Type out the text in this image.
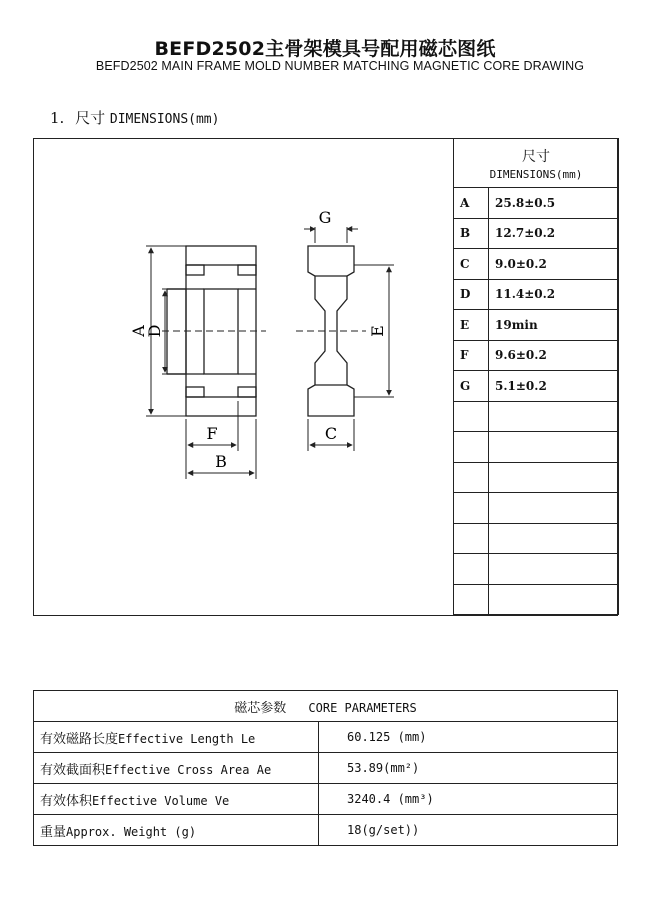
BEFD2502主骨架模具号配用磁芯图纸
BEFD2502 MAIN FRAME MOLD NUMBER MATCHING MAGNETIC CORE DRAWING
1. 尺寸 DIMENSIONS(mm)
A
D
F
B
G
E
C
尺寸
DIMENSIONS(mm)	

A	25.8±0.5
B	12.7±0.2
C	9.0±0.2
D	11.4±0.2
E	19min
F	9.6±0.2
G	5.1±0.2

磁芯参数 CORE PARAMETERS	
有效磁路长度Effective Length Le	60.125 (mm)
有效截面积Effective Cross Area Ae	53.89(mm²)
有效体积Effective Volume Ve	3240.4 (mm³)
重量Approx. Weight (g)	18(g/set))
